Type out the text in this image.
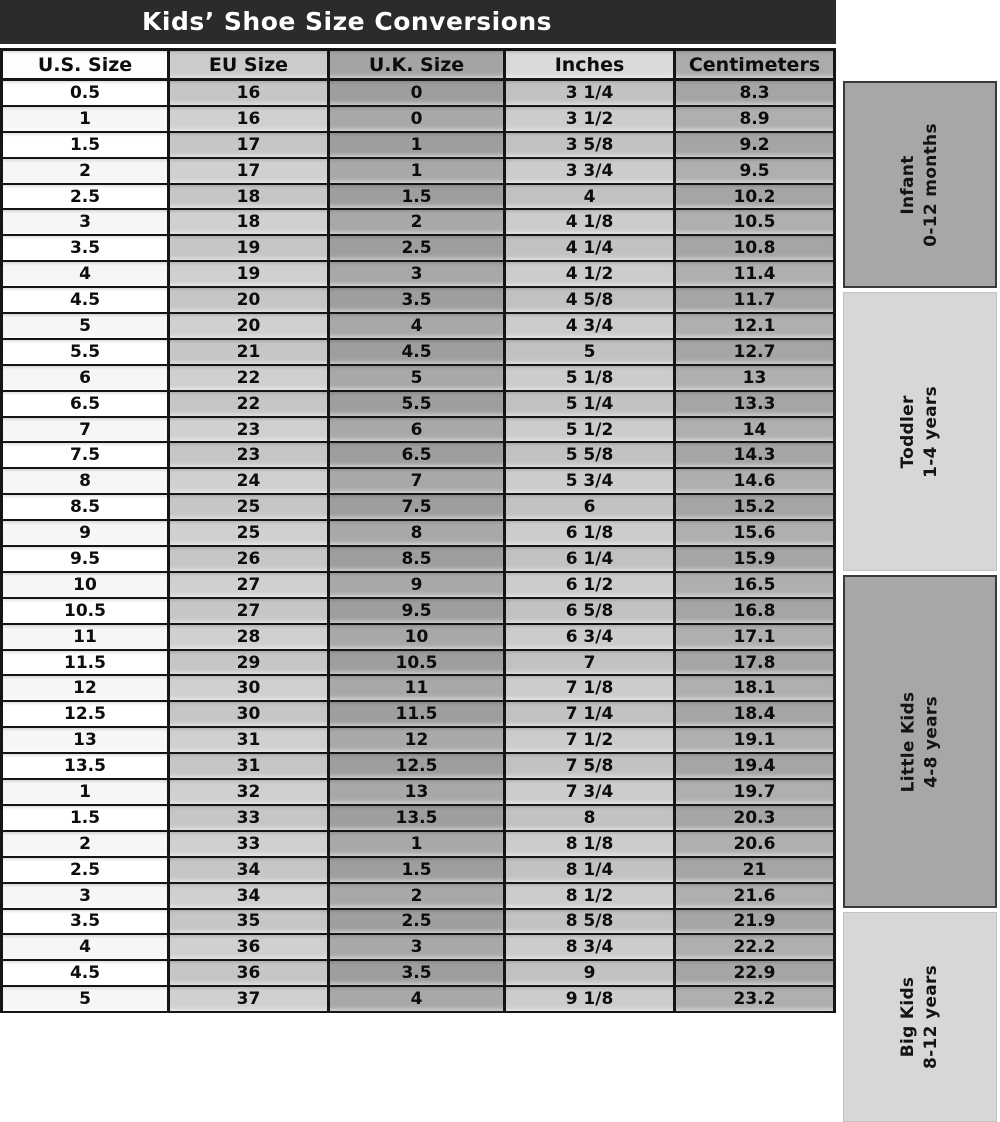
Kids’ Shoe Size Conversions
U.S. Size	EU Size	U.K. Size	Inches	Centimeters
0.5	16	0	3 1/4	8.3
1	16	0	3 1/2	8.9
1.5	17	1	3 5/8	9.2
2	17	1	3 3/4	9.5
2.5	18	1.5	4	10.2
3	18	2	4 1/8	10.5
3.5	19	2.5	4 1/4	10.8
4	19	3	4 1/2	11.4
4.5	20	3.5	4 5/8	11.7
5	20	4	4 3/4	12.1
5.5	21	4.5	5	12.7
6	22	5	5 1/8	13
6.5	22	5.5	5 1/4	13.3
7	23	6	5 1/2	14
7.5	23	6.5	5 5/8	14.3
8	24	7	5 3/4	14.6
8.5	25	7.5	6	15.2
9	25	8	6 1/8	15.6
9.5	26	8.5	6 1/4	15.9
10	27	9	6 1/2	16.5
10.5	27	9.5	6 5/8	16.8
11	28	10	6 3/4	17.1
11.5	29	10.5	7	17.8
12	30	11	7 1/8	18.1
12.5	30	11.5	7 1/4	18.4
13	31	12	7 1/2	19.1
13.5	31	12.5	7 5/8	19.4
1	32	13	7 3/4	19.7
1.5	33	13.5	8	20.3
2	33	1	8 1/8	20.6
2.5	34	1.5	8 1/4	21
3	34	2	8 1/2	21.6
3.5	35	2.5	8 5/8	21.9
4	36	3	8 3/4	22.2
4.5	36	3.5	9	22.9
5	37	4	9 1/8	23.2
Infant 0-12 months
Toddler 1-4 years
Little Kids 4-8 years
Big Kids 8-12 years
